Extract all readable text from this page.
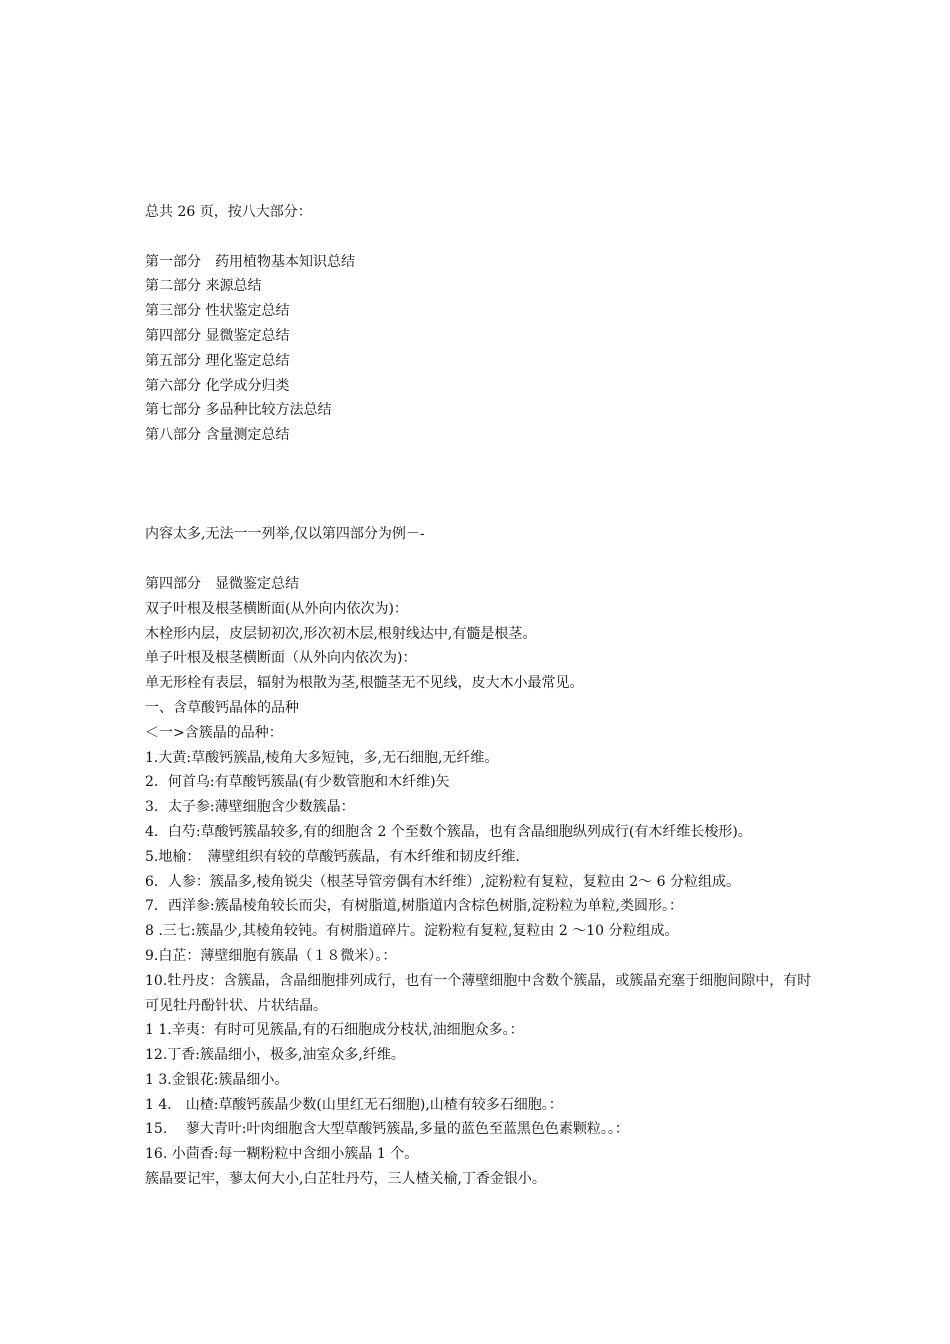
总共 26 页，按八大部分：
第一部分　药用植物基本知识总结
第二部分 来源总结
第三部分 性状鉴定总结
第四部分 显微鉴定总结
第五部分 理化鉴定总结
第六部分 化学成分归类
第七部分 多品种比较方法总结
第八部分 含量测定总结
内容太多,无法一一列举,仅以第四部分为例－-
第四部分　显微鉴定总结
双子叶根及根茎横断面(从外向内依次为)：
木栓形内层，皮层韧初次,形次初木层,根射线达中,有髓是根茎。
单子叶根及根茎横断面（从外向内依次为)：
单无形栓有表层，辐射为根散为茎,根髓茎无不见线，皮大木小最常见。
一、含草酸钙晶体的品种
＜一>含簇晶的品种：
1.大黄:草酸钙簇晶,棱角大多短钝，多,无石细胞,无纤维。
2．何首乌:有草酸钙簇晶(有少数管胞和木纤维)⽮
3．太子参:薄壁细胞含少数簇晶：
4．白芍:草酸钙簇晶较多,有的细胞含 2 个至数个簇晶，也有含晶细胞纵列成行(有木纤维长梭形)。
5.地榆：　薄壁组织有较的草酸钙蔟晶，有木纤维和韧皮纤维.
6．人参：簇晶多,棱角锐尖（根茎导管旁偶有木纤维）,淀粉粒有复粒，复粒由 2～ 6 分粒组成。
7．西洋参:簇晶棱角较长而尖，有树脂道,树脂道内含棕色树脂,淀粉粒为单粒,类圆形。：
8 .三七:簇晶少,其棱角较钝。有树脂道碎片。淀粉粒有复粒,复粒由 2 ～10 分粒组成。
9.白芷：薄壁细胞有簇晶（１８微米）。：
10.牡丹皮：含簇晶，含晶细胞排列成行，也有一个薄壁细胞中含数个簇晶，或簇晶充塞于细胞间隙中，有时可见牡丹酚针状、片状结晶。
1 1.辛夷：有时可见簇晶,有的石细胞成分枝状,油细胞众多。：
12.丁香:簇晶细小，极多,油室众多,纤维。
1 3.金银花:簇晶细小。
1 4． 山楂:草酸钙蔟晶少数(山里红无石细胞),山楂有较多石细胞。：
15.　 蓼大青叶:叶肉细胞含大型草酸钙簇晶,多量的蓝色至蓝黑色色素颗粒。。：
16. 小茴香:每一糊粉粒中含细小簇晶 1 个。
簇晶要记牢，蓼太何大小,白芷牡丹芍，三人楂关榆,丁香金银小。
